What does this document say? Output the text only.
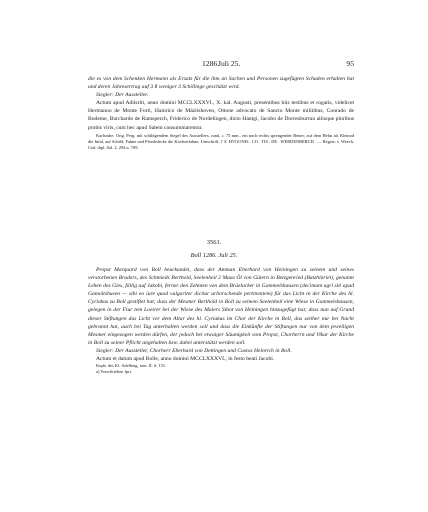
1286.
Juli 25.	95

die es von dem Schenken Hermann als Ersatz für die ihm an Sachen und Personen zugefügten Schaden erhalten hat und deren Jahresertrag auf 3 ß weniger 3 Schillinge geschätzt wird.

Siegler: Der Aussteller.

Actum apud Adilsriti, anno domini MCCLXXXVI., X. kal. Augusti, presentibus hiis testibus et rogatis, videlicet Hermanno de Monte Forti, Hainrico de Mäzlishoven, Ottone advocato de Sancto Monte militibus, Conrado de Bodeme, Burchardo de Ramsperch, Friderico de Nordelingen, dicto Hantgi, Jacobo de Dorrenburrun aliisque pluribus probis viris, cum hec apud Salem consummarentur.

Karlsruhe. Orig. Perg. mit schildgendem Siegel des Ausstellers, rund, c. 75 mm., ein nach rechts sprengender Reiter; auf dem Helm als Kleinod die Inful, auf Schild, Fahne und Pferdedecke die Kirchenfahne; Umschrift: † S. HVGONIS . CO . TIS . DE . WERDENBERCH . — Regest: v. Weech, Cod. dipl. Sal. 2, 294 n. 709.

3561.
Boll 1286. Juli 25.

Propst Marquard von Boll beurkundet, dass der Amman Eberhard von Heiningen zu seinem und seines verstorbenen Bruders, des Schmieds Berthold, Seelenheil 2 Maas Öl von Gütern in Betzgenried (Batzhinriet), genannt Lehen des Gies, fällig auf Jakobi, ferner den Zehnten von dem Brüelacker in Gammelshausen (decimam agri siti apud Gamoltshusen — sibi eo iure quod vulgariter dicitur urborschende pertinentem) für das Licht in der Kirche des hl. Cyriakus zu Boll gestiftet hat; dass der Mesmer Berthold in Boll zu seinem Seelenheil eine Wiese in Gammelshausen, gelegen in der Flur tem Loeirer bei der Wiese des Maiers Sibot von Heiningen hinzugefügt hat; dass nun auf Grund dieser Stiftungen das Licht vor dem Altar des hl. Cyriakus im Chor der Kirche in Boll, das seither nur bei Nacht gebrannt hat, auch bei Tag unterhalten werden soll und dass die Einkünfte der Stiftungen nur von dem jeweiligen Mesmer eingezogen werden dürfen, der jedoch bei etwaiger Säumigkeit vom Propst, Chorherrn und Vikar der Kirche in Boll zu seiner Pflicht angehalten bzw. dabei unterstützt werden soll.

Siegler: Der Aussteller, Chorherr Eberhard von Dettingen und Custos Heinrich in Boll.

Actum et datum apud Bolle, anno domini MCCLXXXVI., in festo beati Jacobi.

Kopb. des Kl. Adelberg, tom. II. S. 151.

a) Verschrieben fpri.
